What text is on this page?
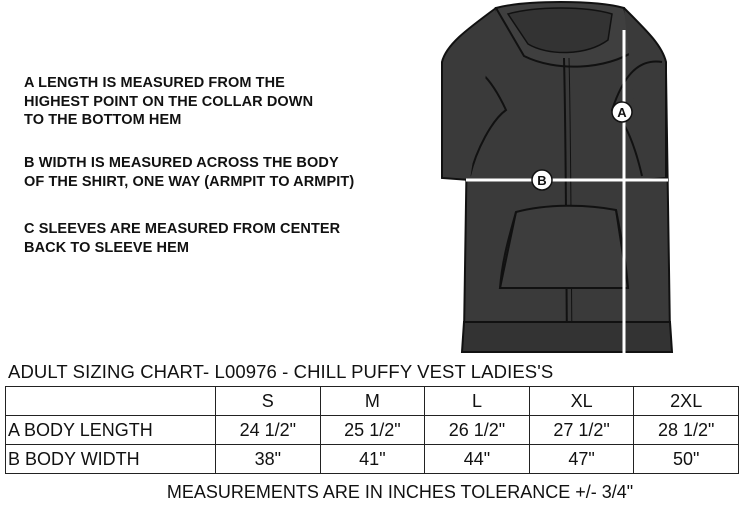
A LENGTH IS MEASURED FROM THE
HIGHEST POINT ON THE COLLAR DOWN
TO THE BOTTOM HEM

B WIDTH IS MEASURED ACROSS THE BODY
OF THE SHIRT, ONE WAY (ARMPIT TO ARMPIT)

C SLEEVES ARE MEASURED FROM CENTER
BACK TO SLEEVE HEM

A
B
ADULT SIZING CHART- L00976 - CHILL PUFFY VEST LADIES'S
	S	M	L	XL	2XL
A BODY LENGTH	24 1/2"	25 1/2"	26 1/2"	27 1/2"	28 1/2"
B BODY WIDTH	38"	41"	44"	47"	50"
MEASUREMENTS ARE IN INCHES TOLERANCE +/- 3/4"
